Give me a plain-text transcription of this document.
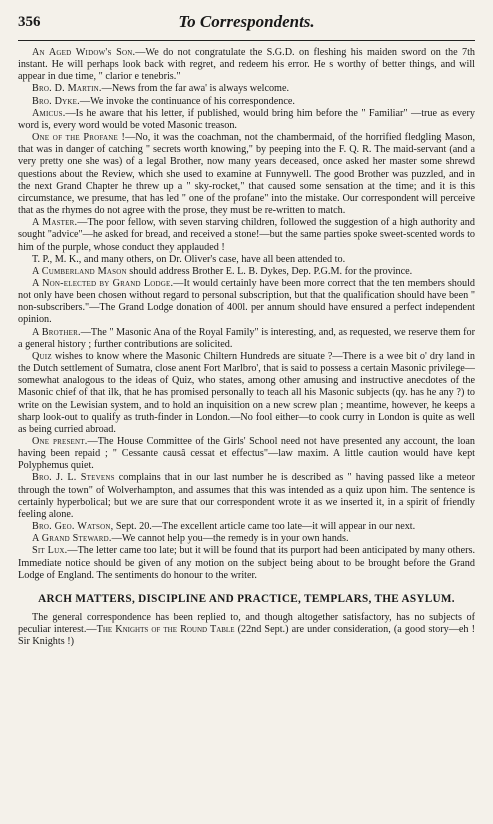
356	To Correspondents.

An Aged Widow's Son.—We do not congratulate the S.G.D. on fleshing his maiden sword on the 7th instant. He will perhaps look back with regret, and redeem his error. He s worthy of better things, and will appear in due time, " clarior e tenebris."

Bro. D. Martin.—News from the far awa' is always welcome.

Bro. Dyke.—We invoke the continuance of his correspondence.

Amicus.—Is he aware that his letter, if published, would bring him before the " Familiar" —true as every word is, every word would be voted Masonic treason.

One of the Profane !—No, it was the coachman, not the chambermaid, of the horrified fledgling Mason, that was in danger of catching " secrets worth knowing," by peeping into the F. Q. R. The maid-servant (and a very pretty one she was) of a legal Brother, now many years deceased, once asked her master some shrewd questions about the Review, which she used to examine at Funnywell. The good Brother was puzzled, and in the next Grand Chapter he threw up a " sky-rocket," that caused some sensation at the time; and it is this circumstance, we presume, that has led " one of the profane" into the mistake. Our correspondent will perceive that as the rhymes do not agree with the prose, they must be re-written to match.

A Master.—The poor fellow, with seven starving children, followed the suggestion of a high authority and sought "advice"—he asked for bread, and received a stone!—but the same parties spoke sweet-scented words to him of the purple, whose conduct they applauded !

T. P., M. K., and many others, on Dr. Oliver's case, have all been attended to.

A Cumberland Mason should address Brother E. L. B. Dykes, Dep. P.G.M. for the province.

A Non-elected by Grand Lodge.—It would certainly have been more correct that the ten members should not only have been chosen without regard to personal subscription, but that the qualification should have been " non-subscribers."—The Grand Lodge donation of 400l. per annum should have ensured a perfect independent opinion.

A Brother.—The " Masonic Ana of the Royal Family" is interesting, and, as requested, we reserve them for a general history ; further contributions are solicited.

Quiz wishes to know where the Masonic Chiltern Hundreds are situate ?—There is a wee bit o' dry land in the Dutch settlement of Sumatra, close anent Fort Marlbro', that is said to possess a certain Masonic privilege—somewhat analogous to the ideas of Quiz, who states, among other amusing and instructive anecdotes of the Masonic chief of that ilk, that he has promised personally to teach all his Masonic subjects (qy. has he any ?) to write on the Lewisian system, and to hold an inquisition on a new screw plan ; meantime, however, he keeps a sharp look-out to qualify as truth-finder in London.—No fool either—to cook curry in London is quite as well as being curried abroad.

One present.—The House Committee of the Girls' School need not have presented any account, the loan having been repaid ; " Cessante causâ cessat et effectus"—law maxim. A little caution would have kept Polyphemus quiet.

Bro. J. L. Stevens complains that in our last number he is described as " having passed like a meteor through the town" of Wolverhampton, and assumes that this was intended as a quiz upon him. The sentence is certainly hyperbolical; but we are sure that our correspondent wrote it as we inserted it, in a spirit of friendly feeling alone.

Bro. Geo. Watson, Sept. 20.—The excellent article came too late—it will appear in our next.

A Grand Steward.—We cannot help you—the remedy is in your own hands.

Sit Lux.—The letter came too late; but it will be found that its purport had been anticipated by many others. Immediate notice should be given of any motion on the subject being about to be brought before the Grand Lodge of England. The sentiments do honour to the writer.

ARCH MATTERS, DISCIPLINE AND PRACTICE, TEMPLARS, THE ASYLUM.

The general correspondence has been replied to, and though altogether satisfactory, has no subjects of peculiar interest.—The Knights of the Round Table (22nd Sept.) are under consideration, (a good story—eh ! Sir Knights !)
